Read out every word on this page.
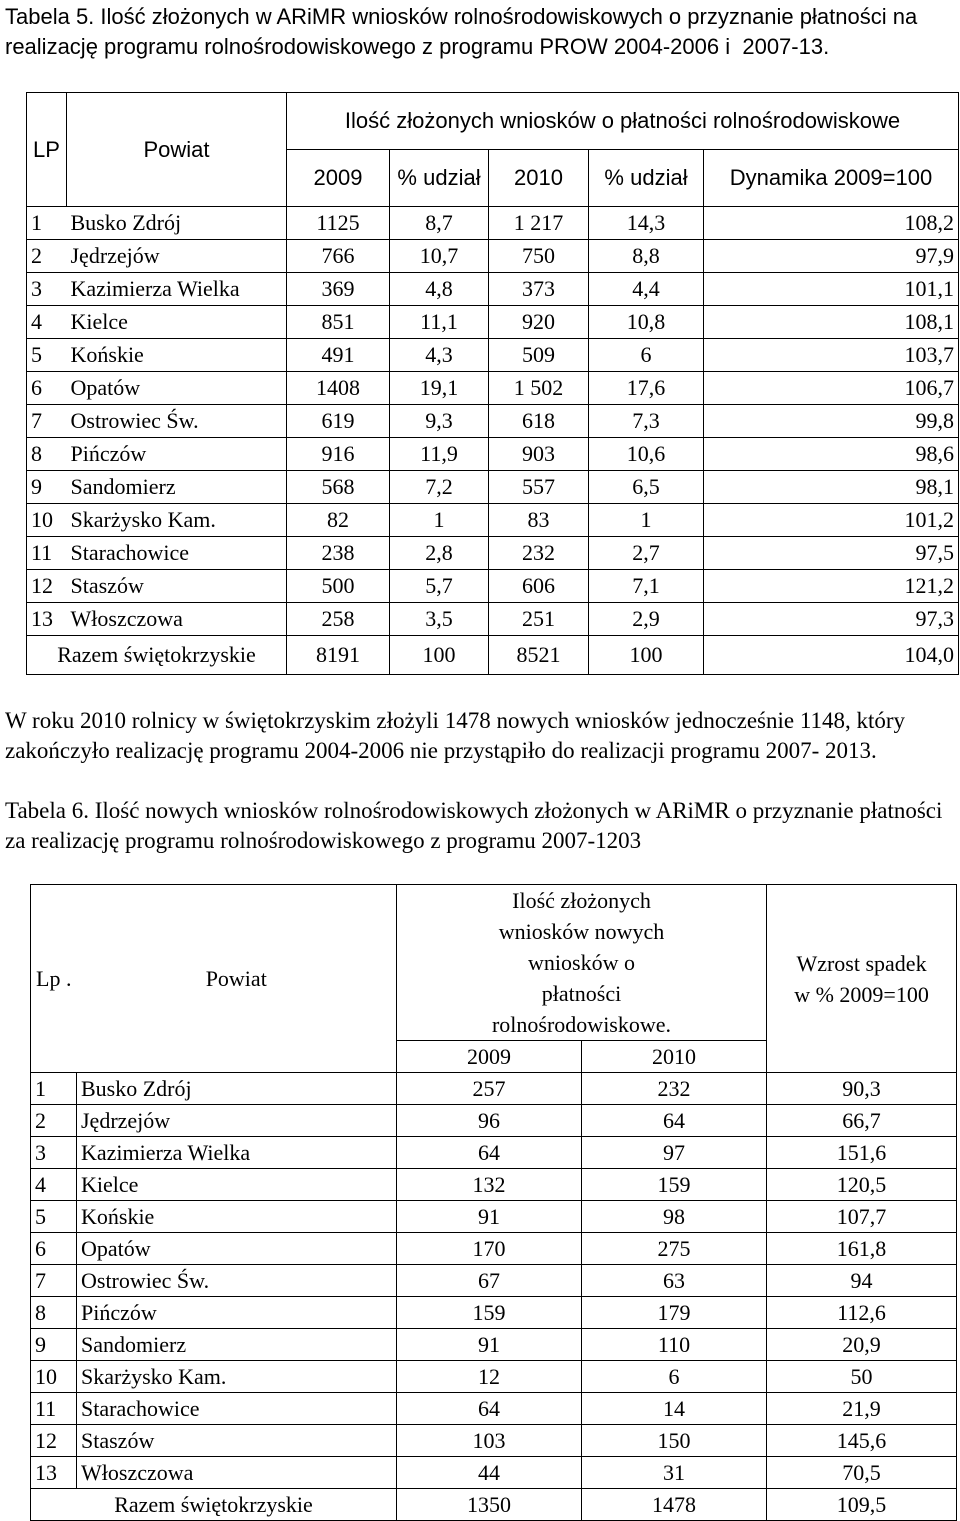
Tabela 5. Ilość złożonych w ARiMR wniosków rolnośrodowiskowych o przyznanie płatności na realizację programu rolnośrodowiskowego z programu PROW 2004-2006 i  2007-13.
LP	Powiat	Ilość złożonych wniosków o płatności rolnośrodowiskowe				
		2009	% udział	2010	% udział	Dynamika 2009=100
1	Busko Zdrój	1125	8,7	1 217	14,3	108,2
2	Jędrzejów	766	10,7	750	8,8	97,9
3	Kazimierza Wielka	369	4,8	373	4,4	101,1
4	Kielce	851	11,1	920	10,8	108,1
5	Końskie	491	4,3	509	6	103,7
6	Opatów	1408	19,1	1 502	17,6	106,7
7	Ostrowiec Św.	619	9,3	618	7,3	99,8
8	Pińczów	916	11,9	903	10,6	98,6
9	Sandomierz	568	7,2	557	6,5	98,1
10	Skarżysko Kam.	82	1	83	1	101,2
11	Starachowice	238	2,8	232	2,7	97,5
12	Staszów	500	5,7	606	7,1	121,2
13	Włoszczowa	258	3,5	251	2,9	97,3
Razem świętokrzyskie		8191	100	8521	100	104,0
W roku 2010 rolnicy w świętokrzyskim złożyli 1478 nowych wniosków jednocześnie 1148, który zakończyło realizację programu 2004-2006 nie przystąpiło do realizacji programu 2007- 2013.
Tabela 6. Ilość nowych wniosków rolnośrodowiskowych złożonych w ARiMR o przyznanie płatności za realizację programu rolnośrodowiskowego z programu 2007-1203
Lp .	Powiat	Ilość złożonych wniosków nowych wniosków o płatności rolnośrodowiskowe.		Wzrost spadek w % 2009=100
		2009	2010	
1	Busko Zdrój	257	232	90,3
2	Jędrzejów	96	64	66,7
3	Kazimierza Wielka	64	97	151,6
4	Kielce	132	159	120,5
5	Końskie	91	98	107,7
6	Opatów	170	275	161,8
7	Ostrowiec Św.	67	63	94
8	Pińczów	159	179	112,6
9	Sandomierz	91	110	20,9
10	Skarżysko Kam.	12	6	50
11	Starachowice	64	14	21,9
12	Staszów	103	150	145,6
13	Włoszczowa	44	31	70,5
Razem świętokrzyskie		1350	1478	109,5
